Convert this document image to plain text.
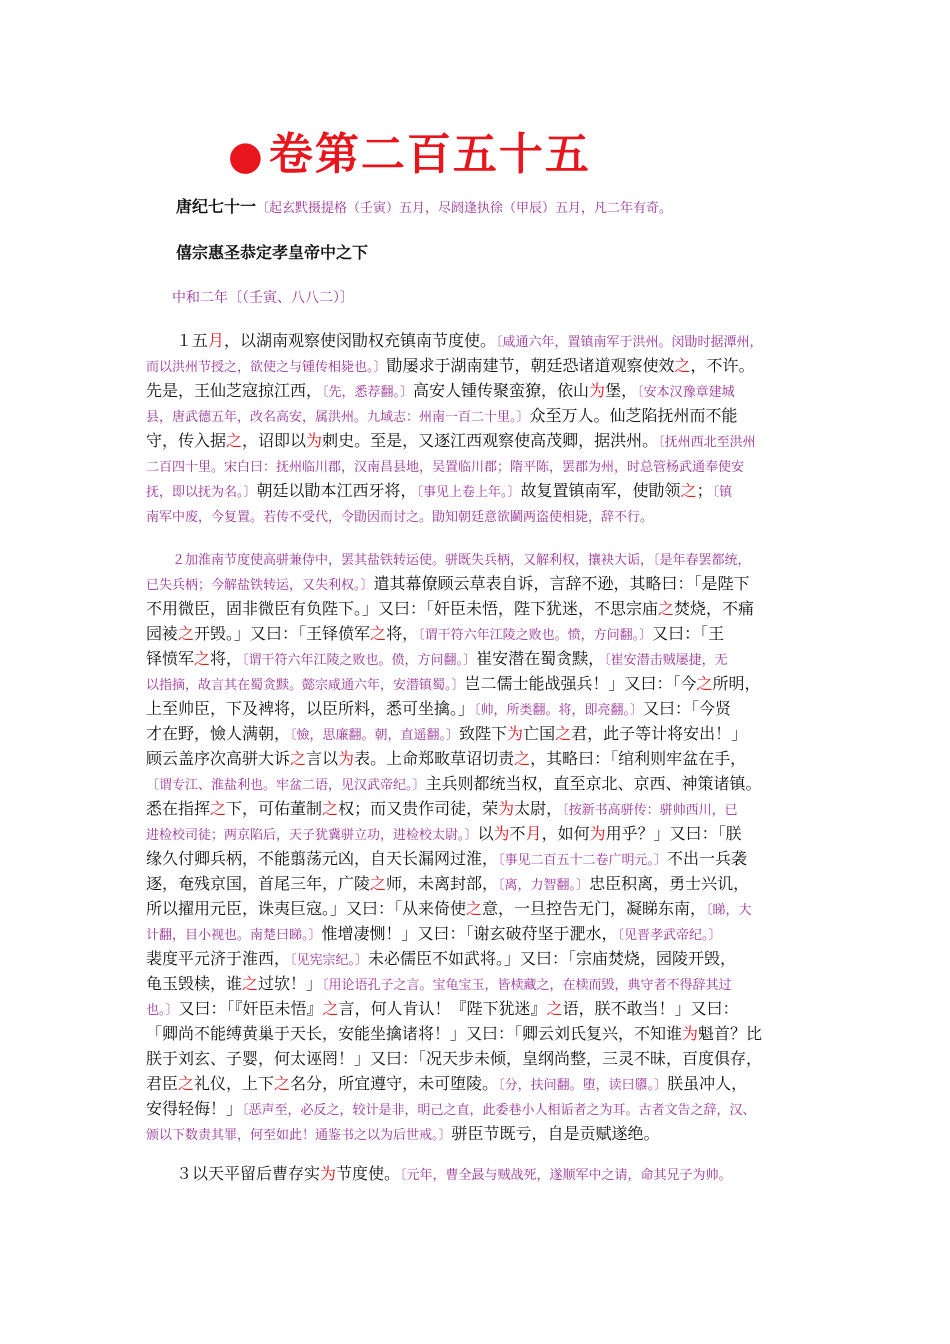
●卷第二百五十五
唐纪七十一〔起玄黓摄提格（壬寅）五月，尽阏逢执徐（甲辰）五月，凡二年有奇。
僖宗惠圣恭定孝皇帝中之下
中和二年〔（壬寅、八八二）〕
１五月，以湖南观察使闵勖权充镇南节度使。〔咸通六年，置镇南军于洪州。闵勖时据潭州，
而以洪州节授之，欲使之与锺传相毙也。〕勖屡求于湖南建节，朝廷恐诸道观察使效之，不许。
先是，王仙芝寇掠江西，〔先，悉荐翻。〕高安人锺传聚蛮獠，依山为堡，〔安本汉豫章建城
县，唐武德五年，改名高安，属洪州。九域志：州南一百二十里。〕众至万人。仙芝陷抚州而不能
守，传入据之，诏即以为刺史。至是，又逐江西观察使高茂卿，据洪州。〔抚州西北至洪州
二百四十里。宋白曰：抚州临川郡，汉南昌县地，吴置临川郡；隋平陈，罢郡为州，时总管杨武通奉使安
抚，即以抚为名。〕朝廷以勖本江西牙将，〔事见上卷上年。〕故复置镇南军，使勖领之；〔镇
南军中废，今复置。若传不受代，令勖因而讨之。勖知朝廷意欲鬬两盗使相毙，辞不行。
２加淮南节度使高骈兼侍中，罢其盐铁转运使。骈既失兵柄，又解利权，攘袂大诟，〔是年春罢都统，
已失兵柄；今解盐铁转运，又失利权。〕遣其幕僚顾云草表自诉，言辞不逊，其略曰：「是陛下
不用微臣，固非微臣有负陛下。」又曰：「奸臣未悟，陛下犹迷，不思宗庙之焚烧，不痛
园裬之开毁。」又曰：「王铎偾军之将，〔谓干符六年江陵之败也。愤，方问翻。〕又曰：「王
铎愤军之将，〔谓干符六年江陵之败也。偾，方问翻。〕崔安潜在蜀贪黩，〔崔安潜击贼屡捷，无
以指摘，故言其在蜀贪黩。懿宗咸通六年，安潜镇蜀。〕岂二儒士能战强兵！」又曰：「今之所明，
上至帅臣，下及裨将，以臣所料，悉可坐擒。」〔帅，所类翻。将，即亮翻。〕又曰：「今贤
才在野，憸人满朝，〔憸，思廉翻。朝，直遥翻。〕致陛下为亡国之君，此子等计将安出！」
顾云盖序次高骈大诉之言以为表。上命郑畋草诏切责之，其略曰：「绾利则牢盆在手，
〔谓专江、淮盐利也。牢盆二语，见汉武帝纪。〕主兵则都统当权，直至京北、京西、神策诸镇。
悉在指挥之下，可佑董制之权；而又贵作司徒，荣为太尉，〔按新书高骈传：骈帅西川，已
进检校司徒；两京陷后，天子犹冀骈立功，进检校太尉。〕以为不月，如何为用乎？」又曰：「朕
缘久付卿兵柄，不能翦荡元凶，自天长漏网过淮，〔事见二百五十二卷广明元。〕不出一兵袭
逐，奄残京国，首尾三年，广陵之师，未离封部，〔离，力智翻。〕忠臣积离，勇士兴讥，
所以擢用元臣，诛夷巨寇。」又曰：「从来倚使之意，一旦控告无门，凝睇东南，〔睇，大
计翻，目小视也。南楚曰睇。〕惟增凄恻！」又曰：「谢玄破苻坚于淝水，〔见晋孝武帝纪。〕
裴度平元济于淮西，〔见宪宗纪。〕未必儒臣不如武将。」又曰：「宗庙焚烧，园陵开毁，
龟玉毁椟，谁之过欤！」〔用论语孔子之言。宝龟宝玉，皆椟藏之，在椟而毁，典守者不得辞其过
也。〕又曰：「『奸臣未悟』之言，何人肯认！『陛下犹迷』之语，朕不敢当！」又曰：
「卿尚不能缚黄巢于天长，安能坐擒诸将！」又曰：「卿云刘氏复兴，不知谁为魁首？比
朕于刘玄、子婴，何太诬罔！」又曰：「况天步未倾，皇纲尚整，三灵不昧，百度俱存，
君臣之礼仪，上下之名分，所宜遵守，未可堕陵。〔分，扶问翻。堕，读曰隳。〕朕虽冲人，
安得轻侮！」〔恶声至，必反之，较计是非，明己之直，此委巷小人相诟者之为耳。古者文告之辞，汉、
颁以下数责其罪，何至如此！通鉴书之以为后世戒。〕骈臣节既亏，自是贡赋遂绝。
３以天平留后曹存实为节度使。〔元年，曹全晸与贼战死，遂顺军中之请，命其兄子为帅。
